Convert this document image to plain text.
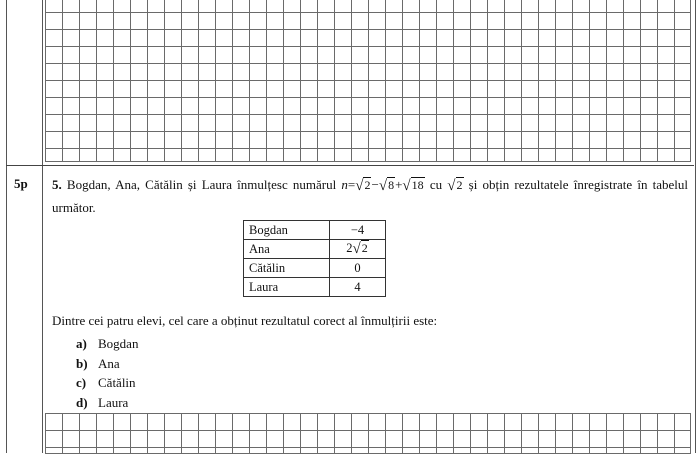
5p 5. Bogdan, Ana, Cătălin și Laura înmulțesc numărul n=√2−√8+√18 cu √2 și obțin rezultatele înregistrate în tabelul următor.
Bogdan	−4
Ana	2√2
Cătălin	0
Laura	4
Dintre cei patru elevi, cel care a obținut rezultatul corect al înmulțirii este:
a) Bogdan
b) Ana
c) Cătălin
d) Laura
